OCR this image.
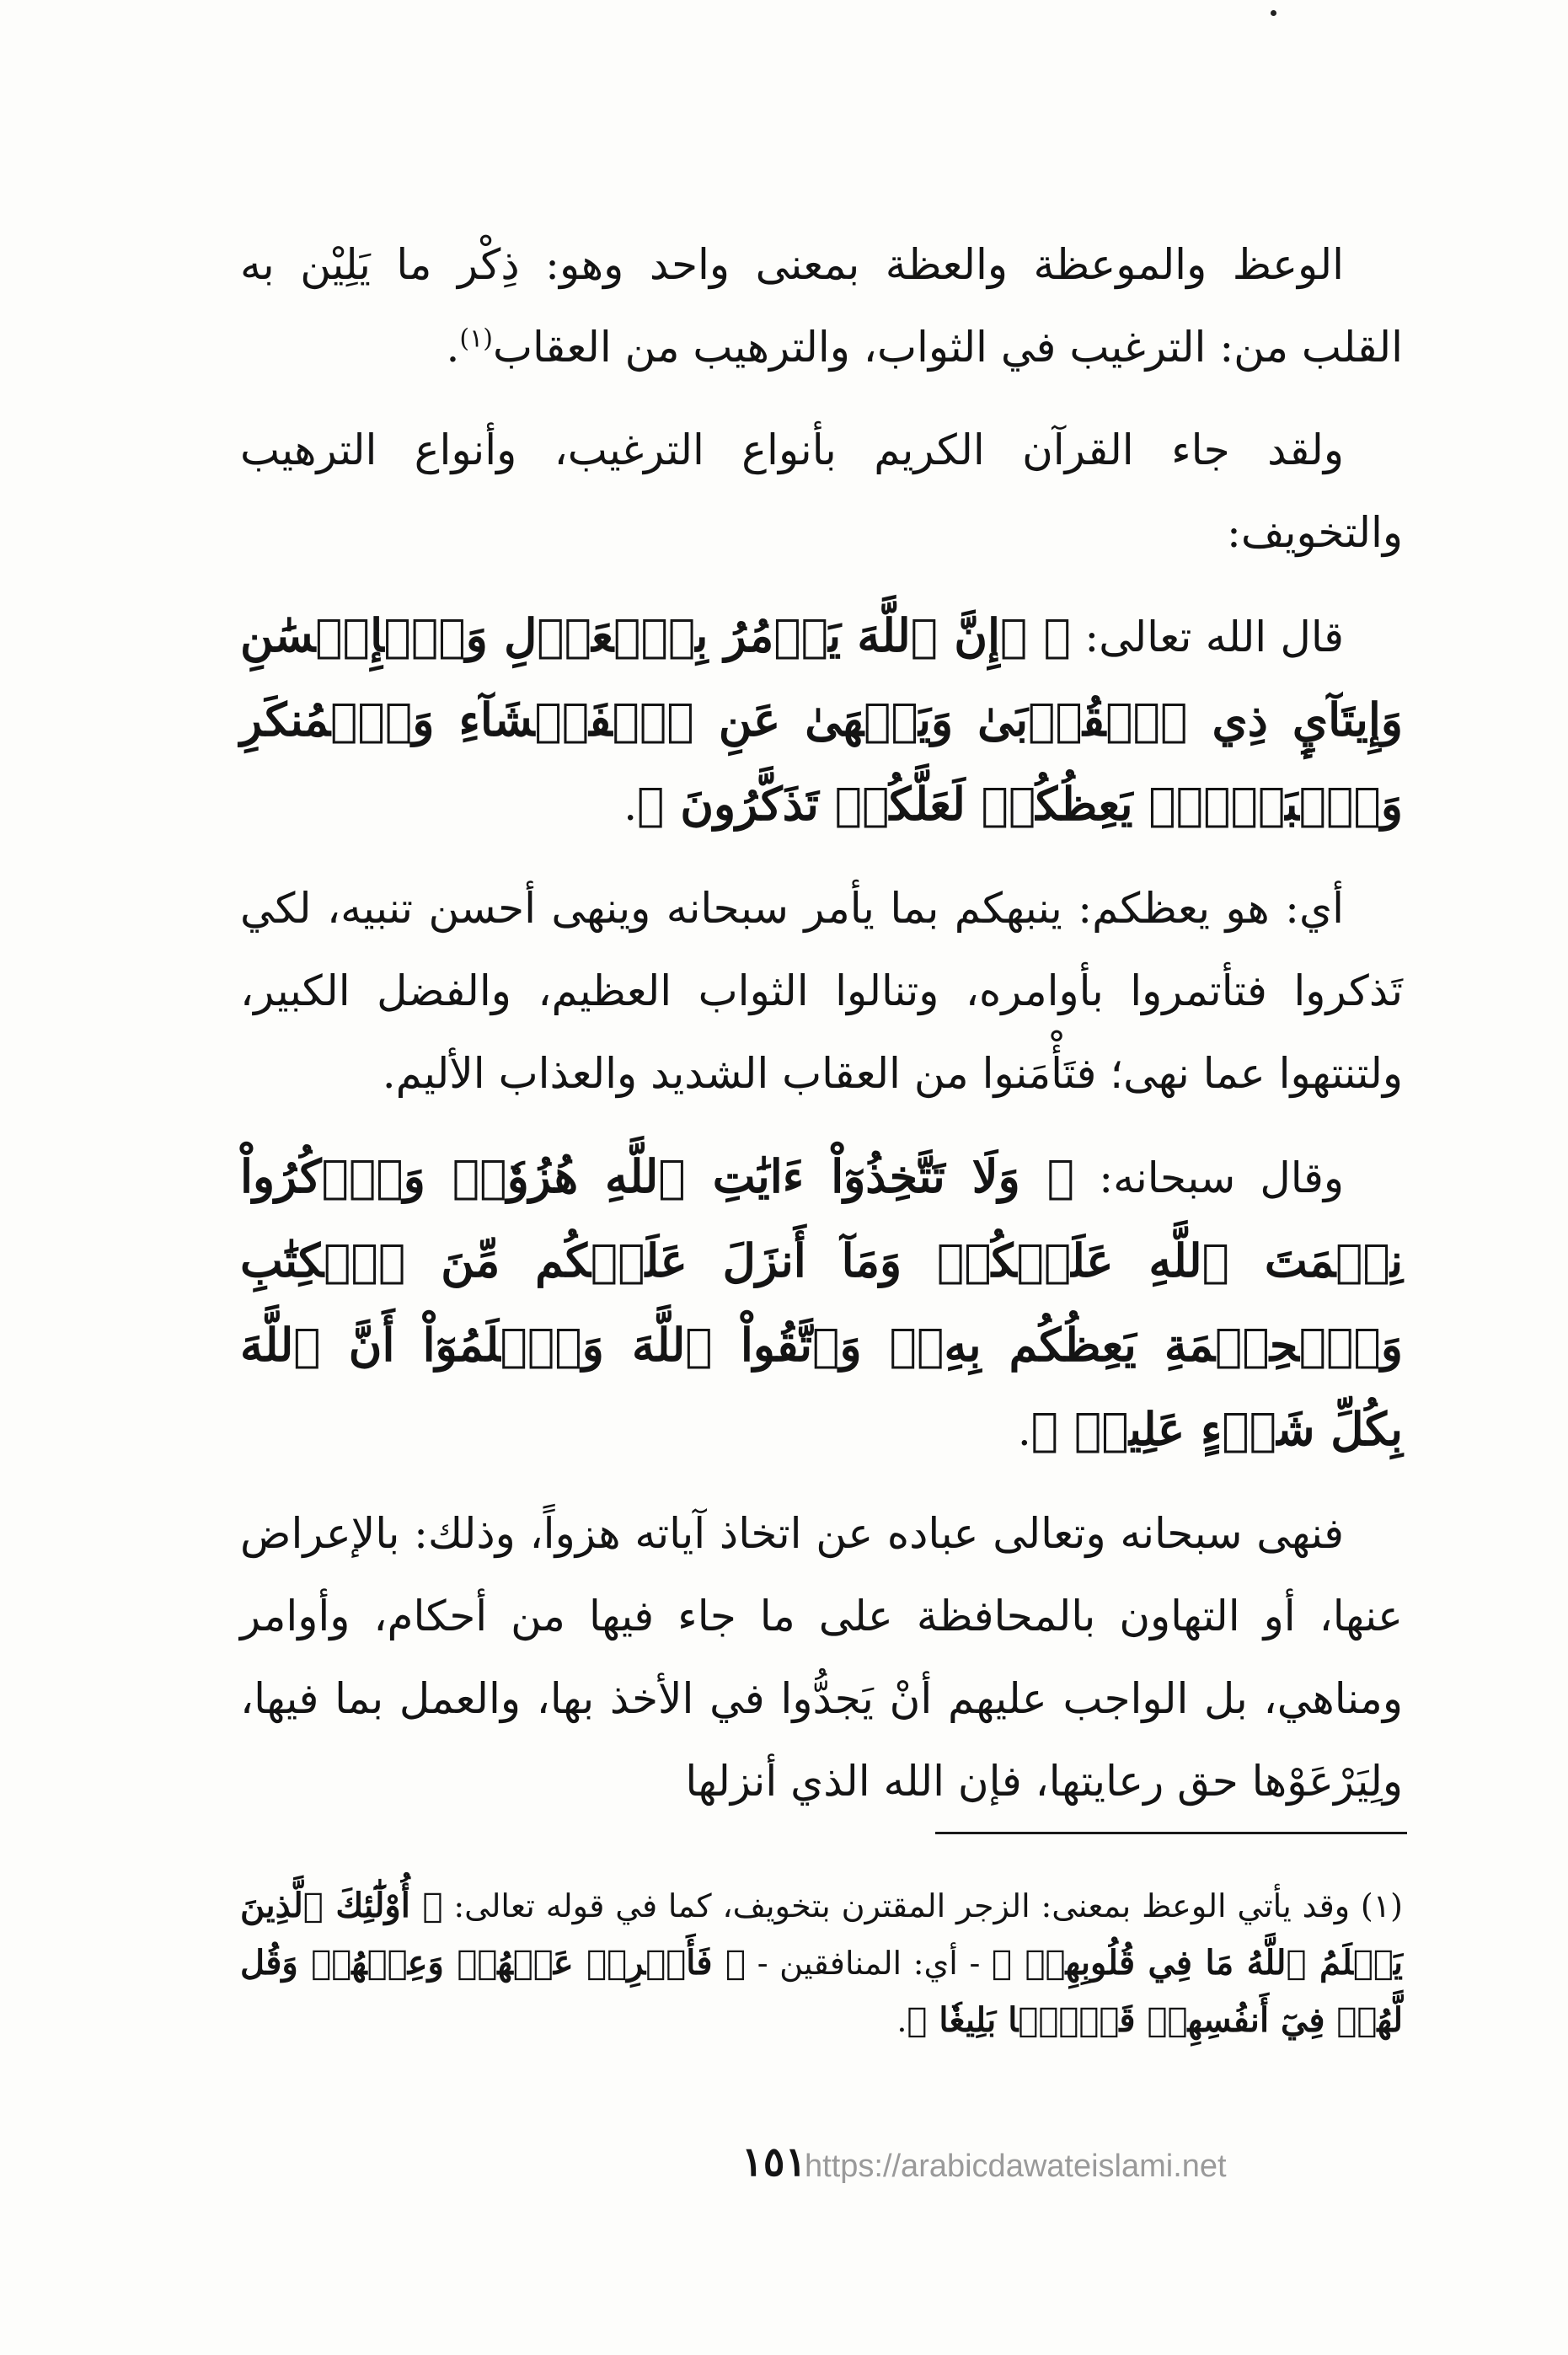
الوعظ والموعظة والعظة بمعنى واحد وهو: ذِكْر ما يَلِيْن به القلب من: الترغيب في الثواب، والترهيب من العقاب$^{(١)}$.

ولقد جاء القرآن الكريم بأنواع الترغيب، وأنواع الترهيب والتخويف:

قال الله تعالى: ﴿ ۞إِنَّ ٱللَّهَ يَأۡمُرُ بِٱلۡعَدۡلِ وَٱلۡإِحۡسَٰنِ وَإِيتَآيِٕ ذِي ٱلۡقُرۡبَىٰ وَيَنۡهَىٰ عَنِ ٱلۡفَحۡشَآءِ وَٱلۡمُنكَرِ وَٱلۡبَغۡيِۚ يَعِظُكُمۡ لَعَلَّكُمۡ تَذَكَّرُونَ ﴾.

أي: هو يعظكم: ينبهكم بما يأمر سبحانه وينهى أحسن تنبيه، لكي تَذكروا فتأتمروا بأوامره، وتنالوا الثواب العظيم، والفضل الكبير، ولتنتهوا عما نهى؛ فتَأْمَنوا من العقاب الشديد والعذاب الأليم.

وقال سبحانه: ﴿ وَلَا تَتَّخِذُوٓاْ ءَايَٰتِ ٱللَّهِ هُزُوٗاۚ وَٱذۡكُرُواْ نِعۡمَتَ ٱللَّهِ عَلَيۡكُمۡ وَمَآ أَنزَلَ عَلَيۡكُم مِّنَ ٱلۡكِتَٰبِ وَٱلۡحِكۡمَةِ يَعِظُكُم بِهِۦۚ وَٱتَّقُواْ ٱللَّهَ وَٱعۡلَمُوٓاْ أَنَّ ٱللَّهَ بِكُلِّ شَيۡءٍ عَلِيمٞ ﴾.

فنهى سبحانه وتعالى عباده عن اتخاذ آياته هزواً، وذلك: بالإعراض عنها، أو التهاون بالمحافظة على ما جاء فيها من أحكام، وأوامر ومناهي، بل الواجب عليهم أنْ يَجدُّوا في الأخذ بها، والعمل بما فيها، ولِيَرْعَوْها حق رعايتها، فإن الله الذي أنزلها

(١) وقد يأتي الوعظ بمعنى: الزجر المقترن بتخويف، كما في قوله تعالى: ﴿ أُوْلَٰٓئِكَ ٱلَّذِينَ يَعۡلَمُ ٱللَّهُ مَا فِي قُلُوبِهِمۡ ﴾ - أي: المنافقين - ﴿ فَأَعۡرِضۡ عَنۡهُمۡ وَعِظۡهُمۡ وَقُل لَّهُمۡ فِيٓ أَنفُسِهِمۡ قَوۡلَۢا بَلِيغٗا ﴾.
١٥١
https://arabicdawateislami.net
